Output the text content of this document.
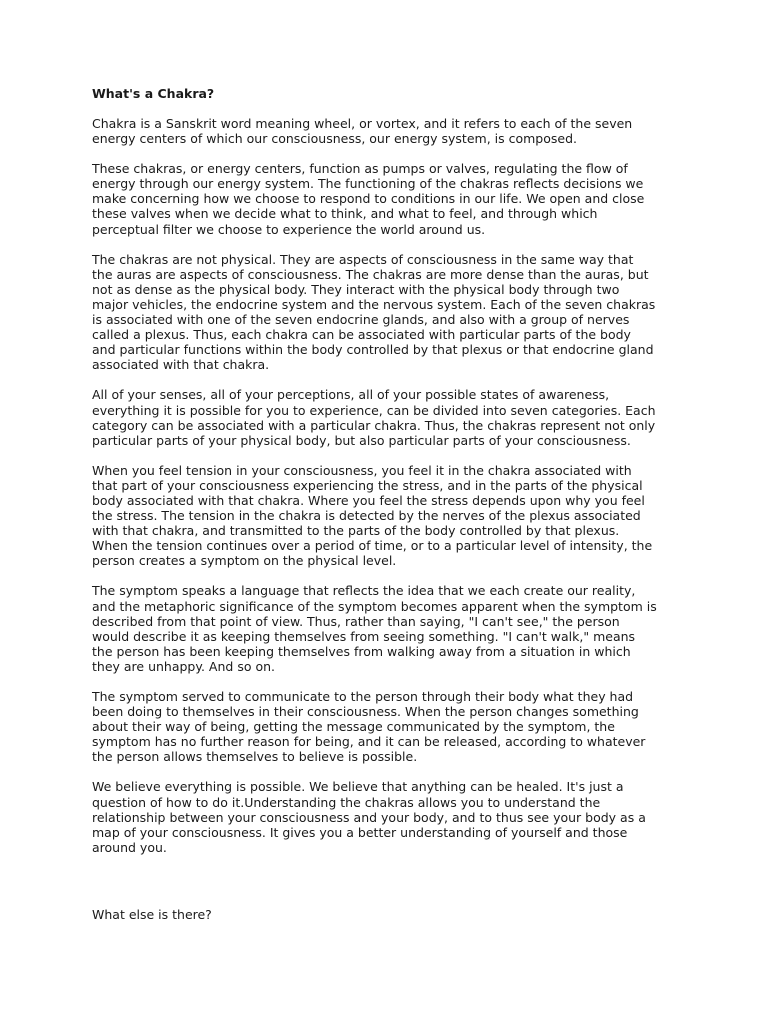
What's a Chakra?
Chakra is a Sanskrit word meaning wheel, or vortex, and it refers to each of the seven
energy centers of which our consciousness, our energy system, is composed.
These chakras, or energy centers, function as pumps or valves, regulating the flow of
energy through our energy system. The functioning of the chakras reflects decisions we
make concerning how we choose to respond to conditions in our life. We open and close
these valves when we decide what to think, and what to feel, and through which
perceptual filter we choose to experience the world around us.
The chakras are not physical. They are aspects of consciousness in the same way that
the auras are aspects of consciousness. The chakras are more dense than the auras, but
not as dense as the physical body. They interact with the physical body through two
major vehicles, the endocrine system and the nervous system. Each of the seven chakras
is associated with one of the seven endocrine glands, and also with a group of nerves
called a plexus. Thus, each chakra can be associated with particular parts of the body
and particular functions within the body controlled by that plexus or that endocrine gland
associated with that chakra.
All of your senses, all of your perceptions, all of your possible states of awareness,
everything it is possible for you to experience, can be divided into seven categories. Each
category can be associated with a particular chakra. Thus, the chakras represent not only
particular parts of your physical body, but also particular parts of your consciousness.
When you feel tension in your consciousness, you feel it in the chakra associated with
that part of your consciousness experiencing the stress, and in the parts of the physical
body associated with that chakra. Where you feel the stress depends upon why you feel
the stress. The tension in the chakra is detected by the nerves of the plexus associated
with that chakra, and transmitted to the parts of the body controlled by that plexus.
When the tension continues over a period of time, or to a particular level of intensity, the
person creates a symptom on the physical level.
The symptom speaks a language that reflects the idea that we each create our reality,
and the metaphoric significance of the symptom becomes apparent when the symptom is
described from that point of view. Thus, rather than saying, "I can't see," the person
would describe it as keeping themselves from seeing something. "I can't walk," means
the person has been keeping themselves from walking away from a situation in which
they are unhappy. And so on.
The symptom served to communicate to the person through their body what they had
been doing to themselves in their consciousness. When the person changes something
about their way of being, getting the message communicated by the symptom, the
symptom has no further reason for being, and it can be released, according to whatever
the person allows themselves to believe is possible.
We believe everything is possible. We believe that anything can be healed. It's just a
question of how to do it.Understanding the chakras allows you to understand the
relationship between your consciousness and your body, and to thus see your body as a
map of your consciousness. It gives you a better understanding of yourself and those
around you.
What else is there?
